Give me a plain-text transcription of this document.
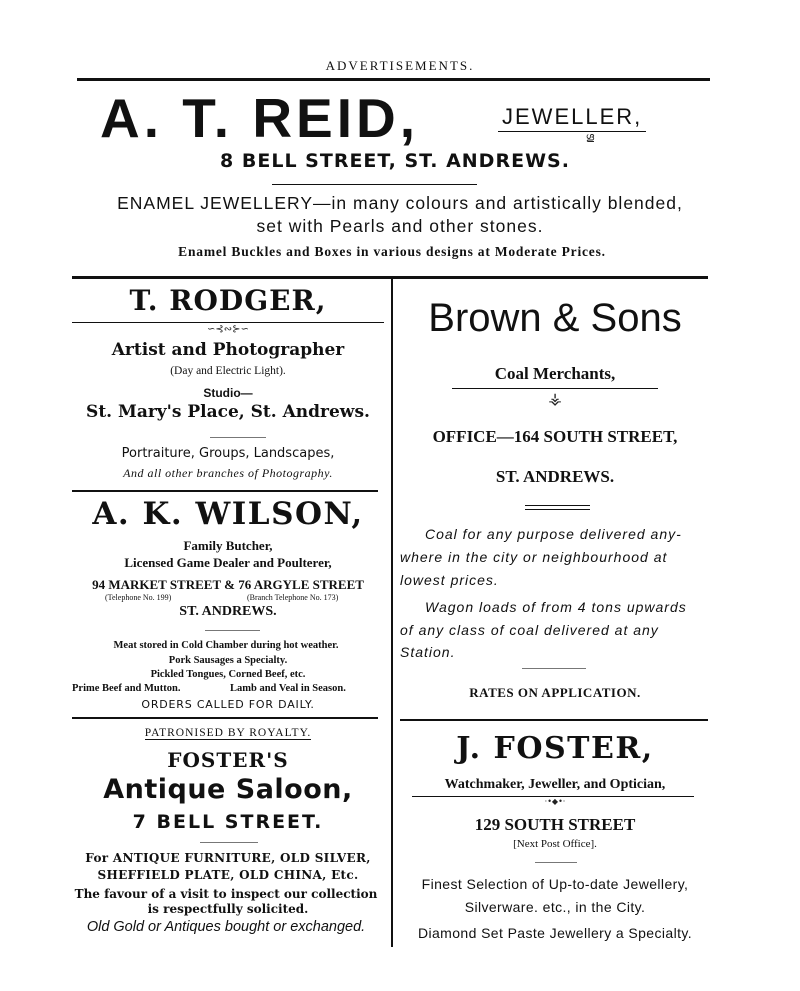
ADVERTISEMENTS.
A. T. REID,	JEWELLER,
ഗൂ
8 BELL STREET, ST. ANDREWS.
ENAMEL JEWELLERY—in many colours and artistically blended,
set with Pearls and other stones.
Enamel Buckles and Boxes in various designs at Moderate Prices.
T. RODGER,
∽⊰∾⊱∽
Artist and Photographer
(Day and Electric Light).
Studio—
St. Mary's Place, St. Andrews.
Portraiture, Groups, Landscapes,
And all other branches of Photography.
A. K. WILSON,
Family Butcher,
Licensed Game Dealer and Poulterer,
94 MARKET STREET & 76 ARGYLE STREET
(Telephone No. 199)	(Branch Telephone No. 173)
ST. ANDREWS.
Meat stored in Cold Chamber during hot weather.
Pork Sausages a Specialty.
Pickled Tongues, Corned Beef, etc.
Prime Beef and Mutton.	Lamb and Veal in Season.
ORDERS CALLED FOR DAILY.
PATRONISED BY ROYALTY.
FOSTER'S
Antique Saloon,
7 BELL STREET.
For ANTIQUE FURNITURE, OLD SILVER,
SHEFFIELD PLATE, OLD CHINA, Etc.
The favour of a visit to inspect our collection
is respectfully solicited.
Old Gold or Antiques bought or exchanged.
Brown & Sons
Coal Merchants,
⚶
OFFICE—164 SOUTH STREET,
ST. ANDREWS.
Coal for any purpose delivered any-
where in the city or neighbourhood at
lowest prices.
Wagon loads of from 4 tons upwards
of any class of coal delivered at any
Station.
RATES ON APPLICATION.
J. FOSTER,
Watchmaker, Jeweller, and Optician,
·•◆•·
129 SOUTH STREET
[Next Post Office].
Finest Selection of Up-to-date Jewellery,
Silverware. etc., in the City.
Diamond Set Paste Jewellery a Specialty.
